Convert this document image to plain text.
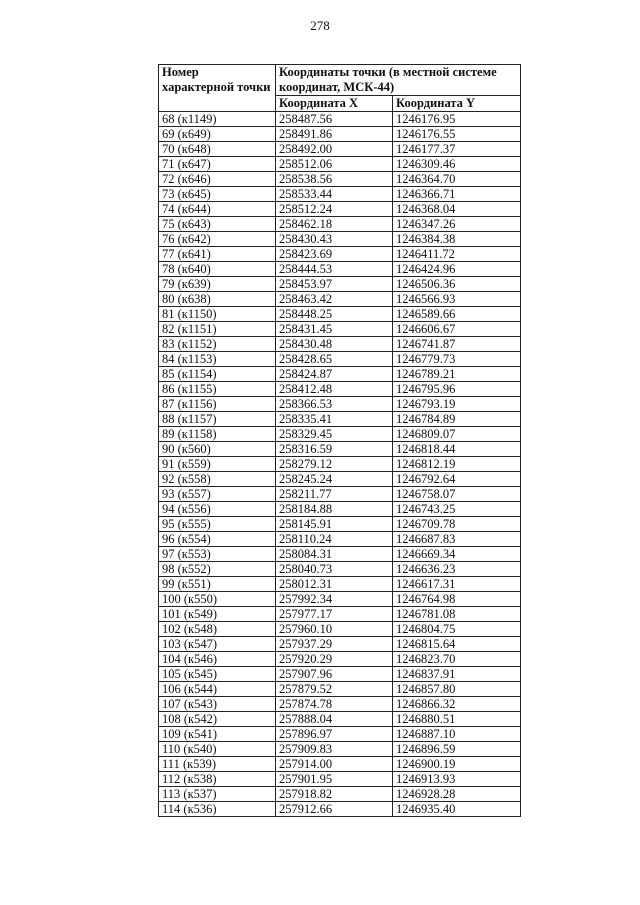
278
Номер характерной точки	Координаты точки (в местной системе координат, МСК-44)	
	Координата X	Координата Y
68 (к1149)	258487.56	1246176.95
69 (к649)	258491.86	1246176.55
70 (к648)	258492.00	1246177.37
71 (к647)	258512.06	1246309.46
72 (к646)	258538.56	1246364.70
73 (к645)	258533.44	1246366.71
74 (к644)	258512.24	1246368.04
75 (к643)	258462.18	1246347.26
76 (к642)	258430.43	1246384.38
77 (к641)	258423.69	1246411.72
78 (к640)	258444.53	1246424.96
79 (к639)	258453.97	1246506.36
80 (к638)	258463.42	1246566.93
81 (к1150)	258448.25	1246589.66
82 (к1151)	258431.45	1246606.67
83 (к1152)	258430.48	1246741.87
84 (к1153)	258428.65	1246779.73
85 (к1154)	258424.87	1246789.21
86 (к1155)	258412.48	1246795.96
87 (к1156)	258366.53	1246793.19
88 (к1157)	258335.41	1246784.89
89 (к1158)	258329.45	1246809.07
90 (к560)	258316.59	1246818.44
91 (к559)	258279.12	1246812.19
92 (к558)	258245.24	1246792.64
93 (к557)	258211.77	1246758.07
94 (к556)	258184.88	1246743.25
95 (к555)	258145.91	1246709.78
96 (к554)	258110.24	1246687.83
97 (к553)	258084.31	1246669.34
98 (к552)	258040.73	1246636.23
99 (к551)	258012.31	1246617.31
100 (к550)	257992.34	1246764.98
101 (к549)	257977.17	1246781.08
102 (к548)	257960.10	1246804.75
103 (к547)	257937.29	1246815.64
104 (к546)	257920.29	1246823.70
105 (к545)	257907.96	1246837.91
106 (к544)	257879.52	1246857.80
107 (к543)	257874.78	1246866.32
108 (к542)	257888.04	1246880.51
109 (к541)	257896.97	1246887.10
110 (к540)	257909.83	1246896.59
111 (к539)	257914.00	1246900.19
112 (к538)	257901.95	1246913.93
113 (к537)	257918.82	1246928.28
114 (к536)	257912.66	1246935.40
